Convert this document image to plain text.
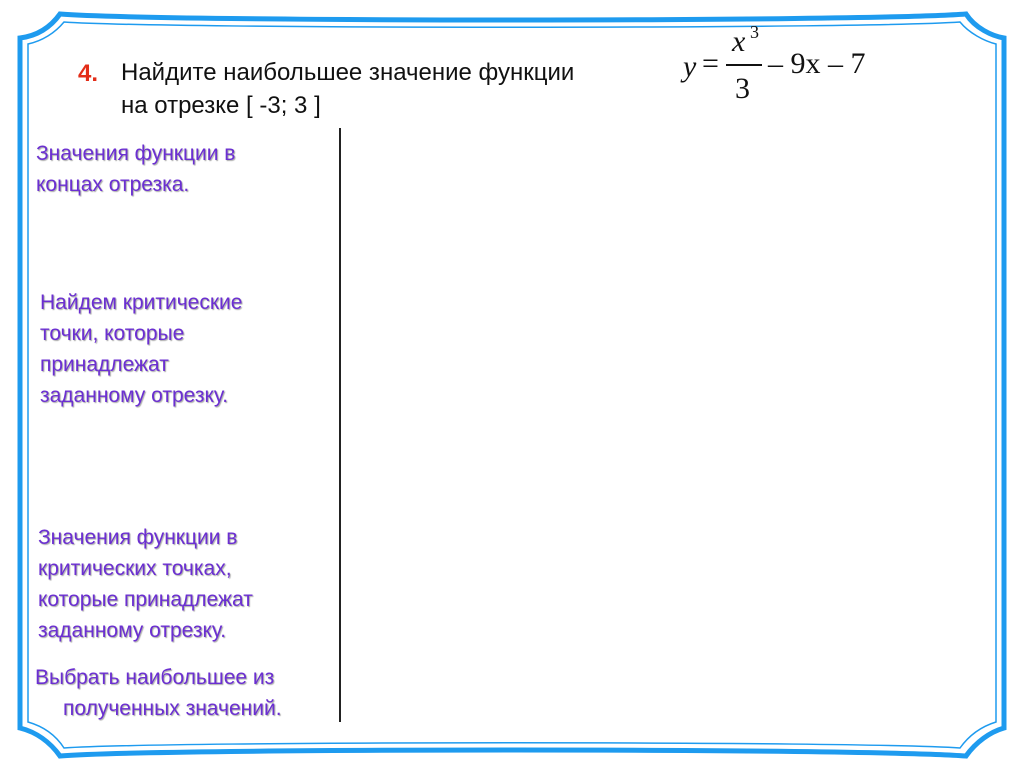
4. Найдите наибольшее значение функции
на отрезке [ -3; 3 ]
y =
x 3
3
– 9x – 7
Значения функции в
концах отрезка.
Найдем критические
точки, которые
принадлежат
заданному отрезку.
Значения функции в
критических точках,
которые принадлежат
заданному отрезку.
Выбрать наибольшее из
полученных значений.
